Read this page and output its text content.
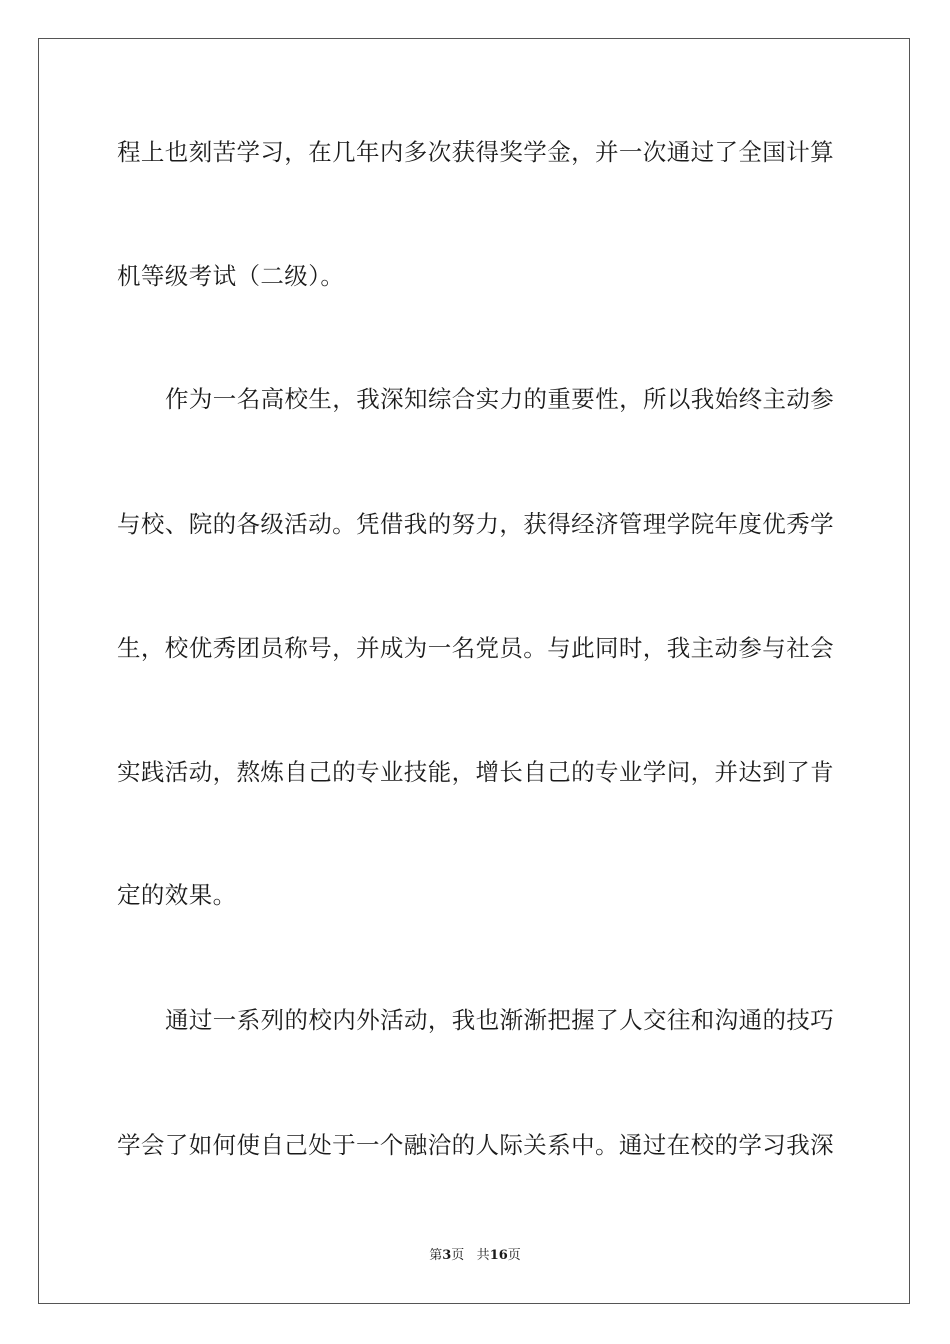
程上也刻苦学习，在几年内多次获得奖学金，并一次通过了全国计算
机等级考试（二级）。
作为一名高校生，我深知综合实力的重要性，所以我始终主动参
与校、院的各级活动。凭借我的努力，获得经济管理学院年度优秀学
生，校优秀团员称号，并成为一名党员。与此同时，我主动参与社会
实践活动，熬炼自己的专业技能，增长自己的专业学问，并达到了肯
定的效果。
通过一系列的校内外活动，我也渐渐把握了人交往和沟通的技巧
学会了如何使自己处于一个融洽的人际关系中。通过在校的学习我深
第3页 共16页
